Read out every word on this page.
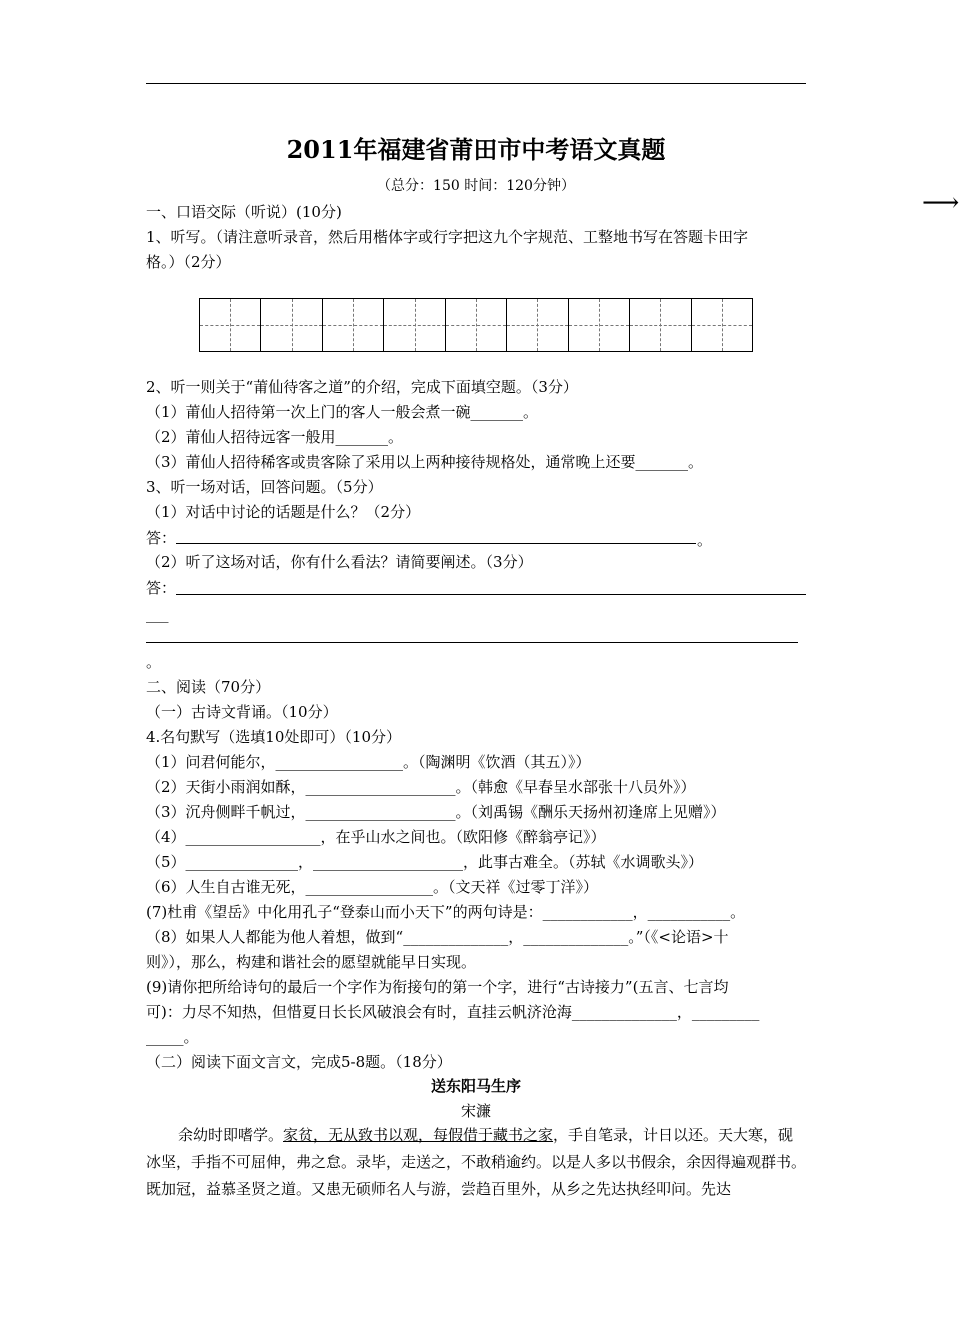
⟶
2011年福建省莆田市中考语文真题
（总分：150 时间：120分钟）
一、口语交际（听说）(10分)
1、听写。（请注意听录音，然后用楷体字或行字把这九个字规范、工整地书写在答题卡田字
格。）（2分）
2、听一则关于“莆仙待客之道”的介绍，完成下面填空题。（3分）
（1）莆仙人招待第一次上门的客人一般会煮一碗_______。
（2）莆仙人招待远客一般用_______。
（3）莆仙人招待稀客或贵客除了采用以上两种接待规格处，通常晚上还要_______。
3、听一场对话，回答问题。（5分）
（1）对话中讨论的话题是什么？（2分）
答：	。
（2）听了这场对话，你有什么看法？请简要阐述。（3分）
答：
___
。
二、阅读（70分）
（一）古诗文背诵。（10分）
4.名句默写（选填10处即可）（10分）
（1）问君何能尔，_________________。（陶渊明《饮酒（其五）》）
（2）天街小雨润如酥，____________________。（韩愈《早春呈水部张十八员外》）
（3）沉舟侧畔千帆过，____________________。（刘禹锡《酬乐天扬州初逢席上见赠》）
（4）__________________，在乎山水之间也。（欧阳修《醉翁亭记》）
（5）_______________，____________________，此事古难全。（苏轼《水调歌头》）
（6）人生自古谁无死，_________________。（文天祥《过零丁洋》）
(7)杜甫《望岳》中化用孔子“登泰山而小天下”的两句诗是：____________，___________。
（8）如果人人都能为他人着想，做到“______________，______________。”（《<论语>十
则》），那么，构建和谐社会的愿望就能早日实现。
(9)请你把所给诗句的最后一个字作为衔接句的第一个字，进行“古诗接力”(五言、七言均
可)：力尽不知热，但惜夏日长长风破浪会有时，直挂云帆济沧海______________，_________
_____。
（二）阅读下面文言文，完成5-8题。（18分）
送东阳马生序
宋濂
余幼时即嗜学。家贫，无从致书以观，每假借于藏书之家，手自笔录，计日以还。天大寒，砚冰坚，手指不可屈伸，弗之怠。录毕，走送之，不敢稍逾约。以是人多以书假余，余因得遍观群书。既加冠，益慕圣贤之道。又患无硕师名人与游，尝趋百里外，从乡之先达执经叩问。先达
